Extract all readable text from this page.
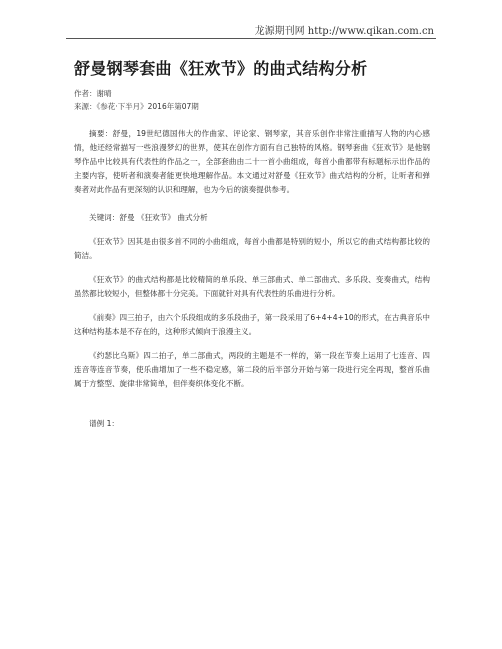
龙源期刊网 http://www.qikan.com.cn
舒曼钢琴套曲《狂欢节》的曲式结构分析
作者：谢晴
来源：《参花·下半月》2016年第07期

摘要：舒曼，19世纪德国伟大的作曲家、评论家、钢琴家，其音乐创作非常注重描写人物的内心感情，他还经常描写一些浪漫梦幻的世界，使其在创作方面有自己独特的风格。钢琴套曲《狂欢节》是他钢琴作品中比较具有代表性的作品之一，全部套曲由二十一首小曲组成，每首小曲都带有标题标示出作品的主要内容，使听者和演奏者能更快地理解作品。本文通过对舒曼《狂欢节》曲式结构的分析，让听者和弹奏者对此作品有更深刻的认识和理解，也为今后的演奏提供参考。

关键词：舒曼 《狂欢节》 曲式分析

《狂欢节》因其是由很多首不同的小曲组成，每首小曲都是特别的短小，所以它的曲式结构都比较的简洁。

《狂欢节》的曲式结构都是比较精简的单乐段、单三部曲式、单二部曲式、多乐段、变奏曲式，结构虽然都比较短小，但整体都十分完美。下面就针对具有代表性的乐曲进行分析。

《前奏》四三拍子，由六个乐段组成的多乐段曲子，第一段采用了6+4+4+10的形式，在古典音乐中这种结构基本是不存在的，这种形式倾向于浪漫主义。

《约瑟比乌斯》四二拍子，单二部曲式，两段的主题是不一样的，第一段在节奏上运用了七连音、四连音等连音节奏，使乐曲增加了一些不稳定感，第二段的后半部分开始与第一段进行完全再现，整首乐曲属于方整型、旋律非常简单，但伴奏织体变化不断。

谱例 1：
